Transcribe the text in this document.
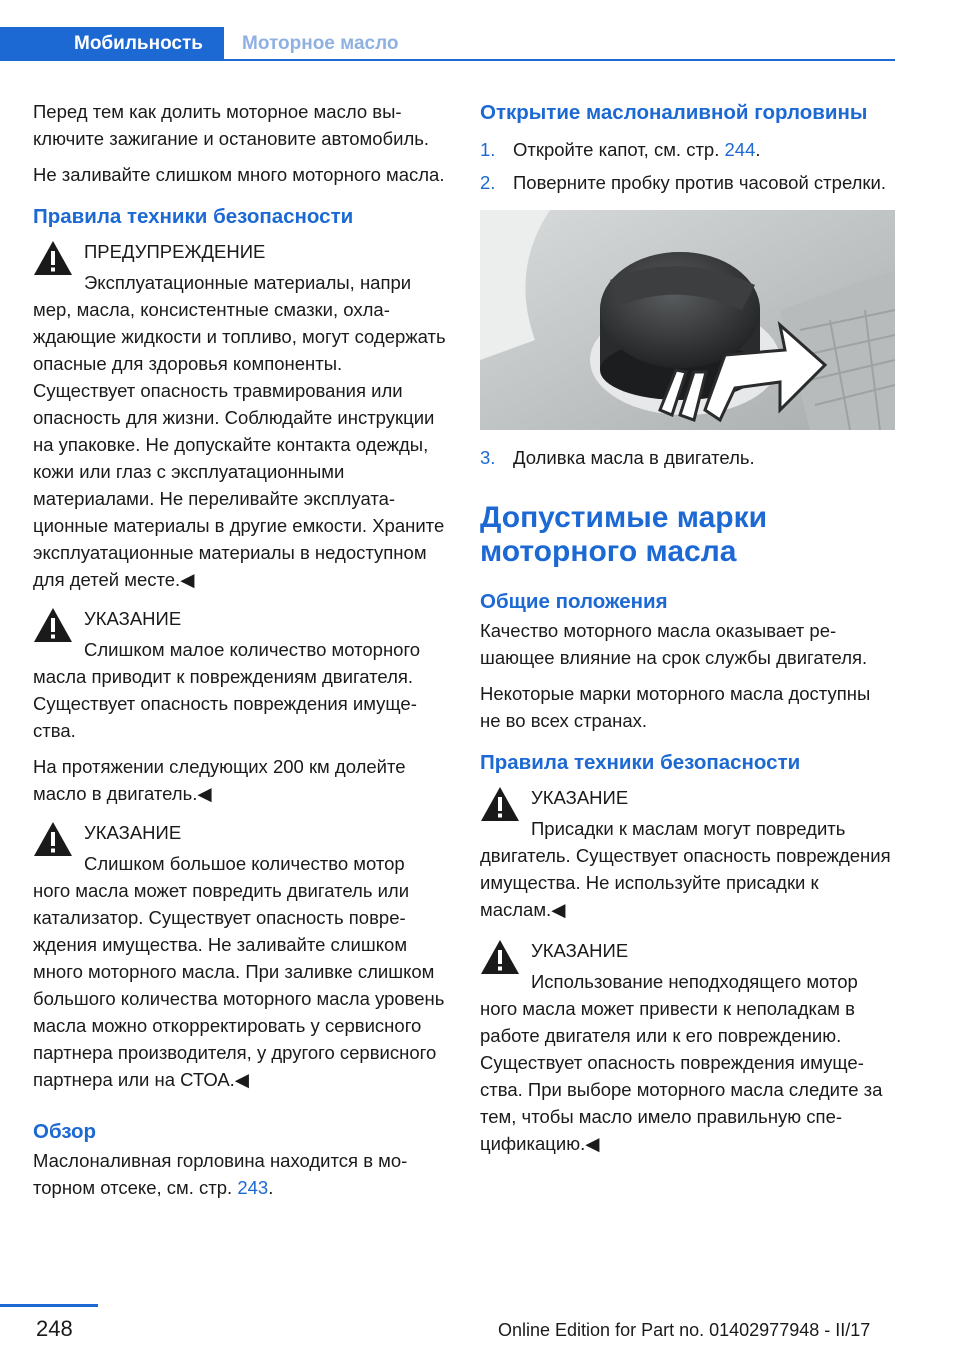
Мобильность	Моторное масло

Перед тем как долить моторное масло выключите зажигание и остановите автомобиль.

Не заливайте слишком много моторного масла.

Правила техники безопасности

ПРЕДУПРЕЖДЕНИЕ

Эксплуатационные материалы, напри

мер, масла, консистентные смазки, охлаждающие жидкости и топливо, могут содержать опасные для здоровья компоненты. Существует опасность травмирования или опасность для жизни. Соблюдайте инструкции на упаковке. Не допускайте контакта одежды, кожи или глаз с эксплуатационными материалами. Не переливайте эксплуатационные материалы в другие емкости. Храните эксплуатационные материалы в недоступном для детей месте.◀

УКАЗАНИЕ

Слишком малое количество моторного

масла приводит к повреждениям двигателя. Существует опасность повреждения имущества.

На протяжении следующих 200 км долейте масло в двигатель.◀

УКАЗАНИЕ

Слишком большое количество мотор

ного масла может повредить двигатель или катализатор. Существует опасность повреждения имущества. Не заливайте слишком много моторного масла. При заливке слишком большого количества моторного масла уровень масла можно откорректировать у сервисного партнера производителя, у другого сервисного партнера или на СТОА.◀

Обзор

Маслоналивная горловина находится в моторном отсеке, см. стр. 243.

Открытие маслоналивной горловины
1. Откройте капот, см. стр. 244.
2. Поверните пробку против часовой стрелки.
3. Доливка масла в двигатель.
Допустимые марки моторного масла
Общие положения

Качество моторного масла оказывает решающее влияние на срок службы двигателя.

Некоторые марки моторного масла доступны не во всех странах.

Правила техники безопасности

УКАЗАНИЕ

Присадки к маслам могут повредить

двигатель. Существует опасность повреждения имущества. Не используйте присадки к маслам.◀

УКАЗАНИЕ

Использование неподходящего мотор

ного масла может привести к неполадкам в работе двигателя или к его повреждению. Существует опасность повреждения имущества. При выборе моторного масла следите за тем, чтобы масло имело правильную спецификацию.◀

248	Online Edition for Part no. 01402977948 - II/17
